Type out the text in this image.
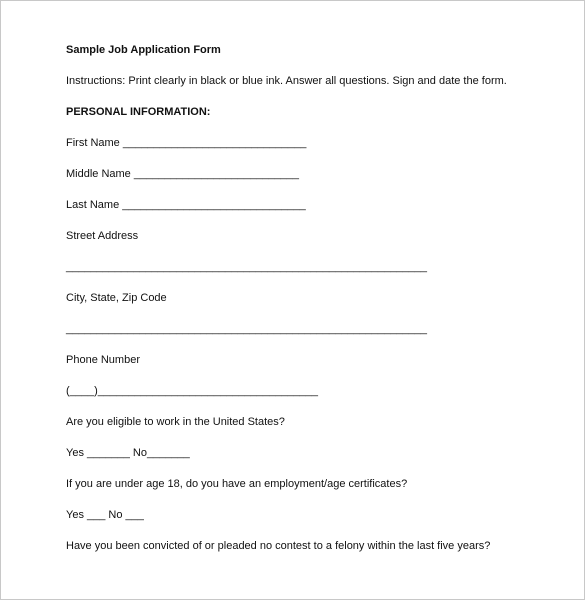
Sample Job Application Form
Instructions: Print clearly in black or blue ink. Answer all questions. Sign and date the form.
PERSONAL INFORMATION:
First Name ______________________________
Middle Name ___________________________
Last Name ______________________________
Street Address
___________________________________________________________
City, State, Zip Code
___________________________________________________________
Phone Number
(____)____________________________________
Are you eligible to work in the United States?
Yes _______ No_______
If you are under age 18, do you have an employment/age certificates?
Yes ___ No ___
Have you been convicted of or pleaded no contest to a felony within the last five years?
